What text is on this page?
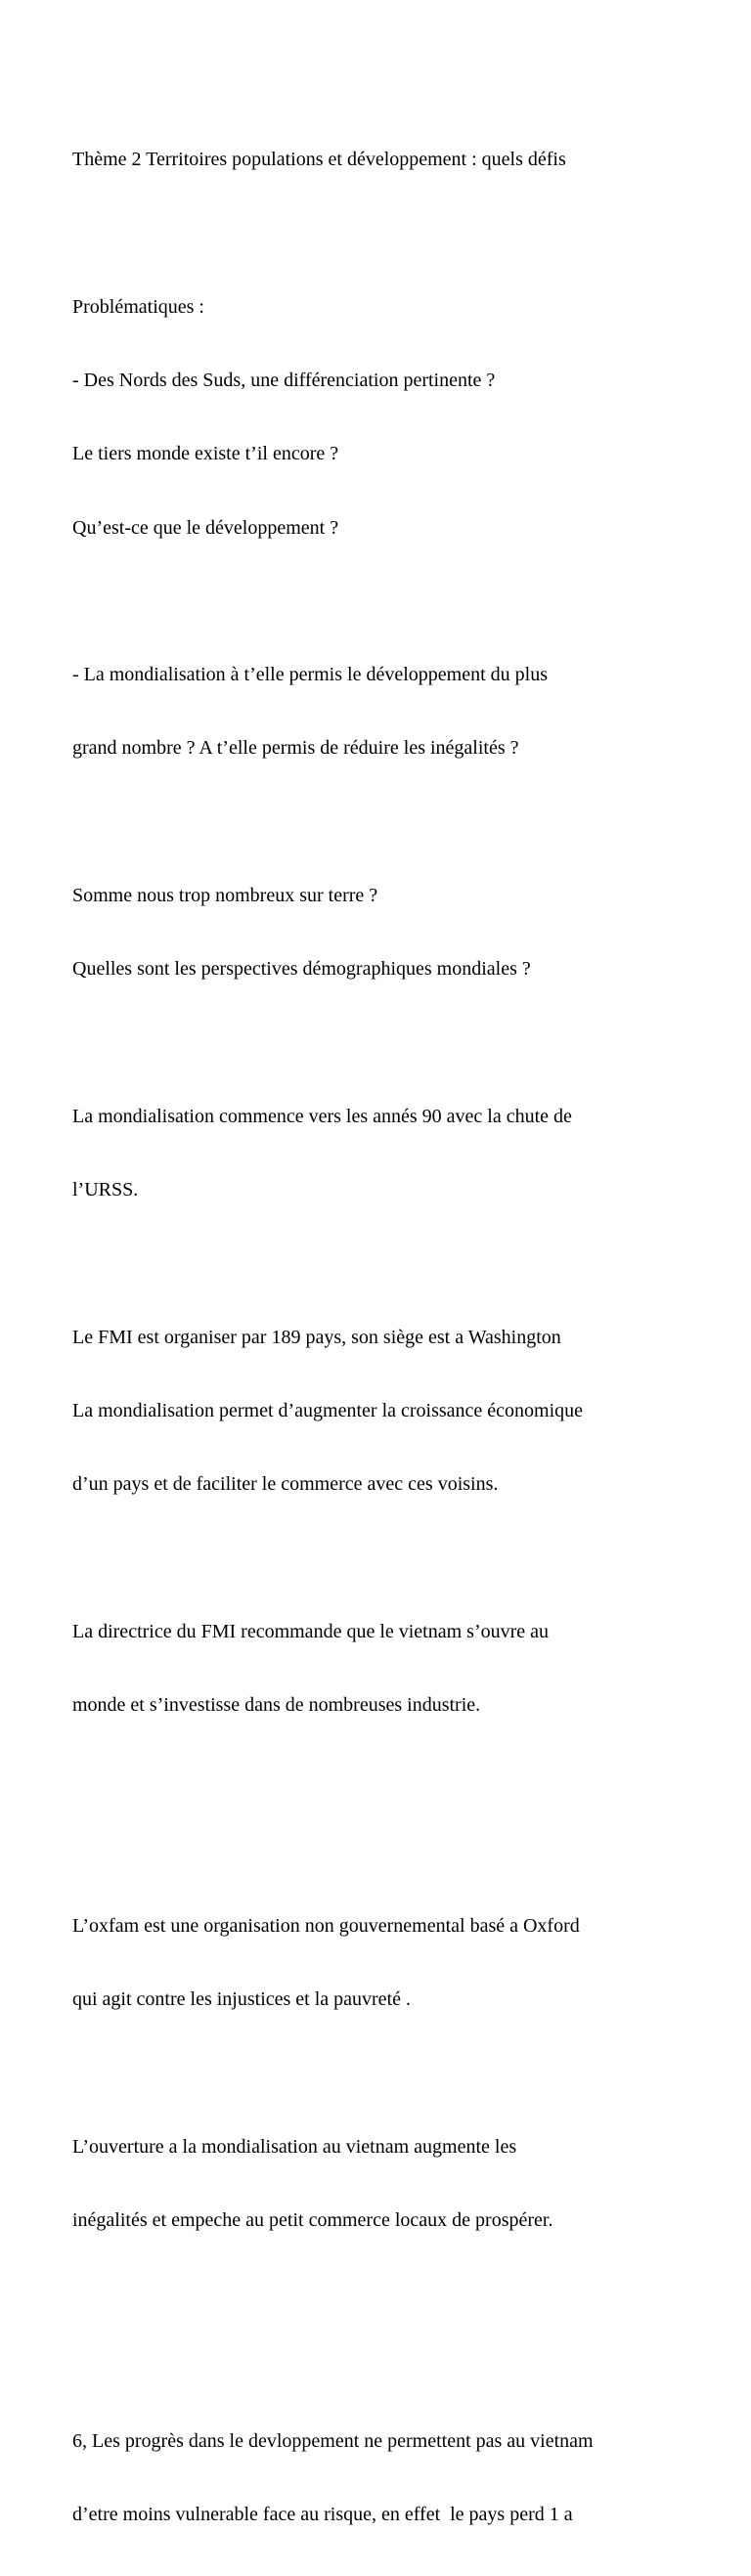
Thème 2 Territoires populations et développement : quels défis

Problématiques :

- Des Nords des Suds, une différenciation pertinente ?

Le tiers monde existe t’il encore ?

Qu’est-ce que le développement ?

- La mondialisation à t’elle permis le développement du plus

grand nombre ? A t’elle permis de réduire les inégalités ?

Somme nous trop nombreux sur terre ?

Quelles sont les perspectives démographiques mondiales ?

La mondialisation commence vers les annés 90 avec la chute de

l’URSS.

Le FMI est organiser par 189 pays, son siège est a Washington

La mondialisation permet d’augmenter la croissance économique

d’un pays et de faciliter le commerce avec ces voisins.

La directrice du FMI recommande que le vietnam s’ouvre au

monde et s’investisse dans de nombreuses industrie.

L’oxfam est une organisation non gouvernemental basé a Oxford

qui agit contre les injustices et la pauvreté .

L’ouverture a la mondialisation au vietnam augmente les

inégalités et empeche au petit commerce locaux de prospérer.

6, Les progrès dans le devloppement ne permettent pas au vietnam

d’etre moins vulnerable face au risque, en effet  le pays perd 1 a
